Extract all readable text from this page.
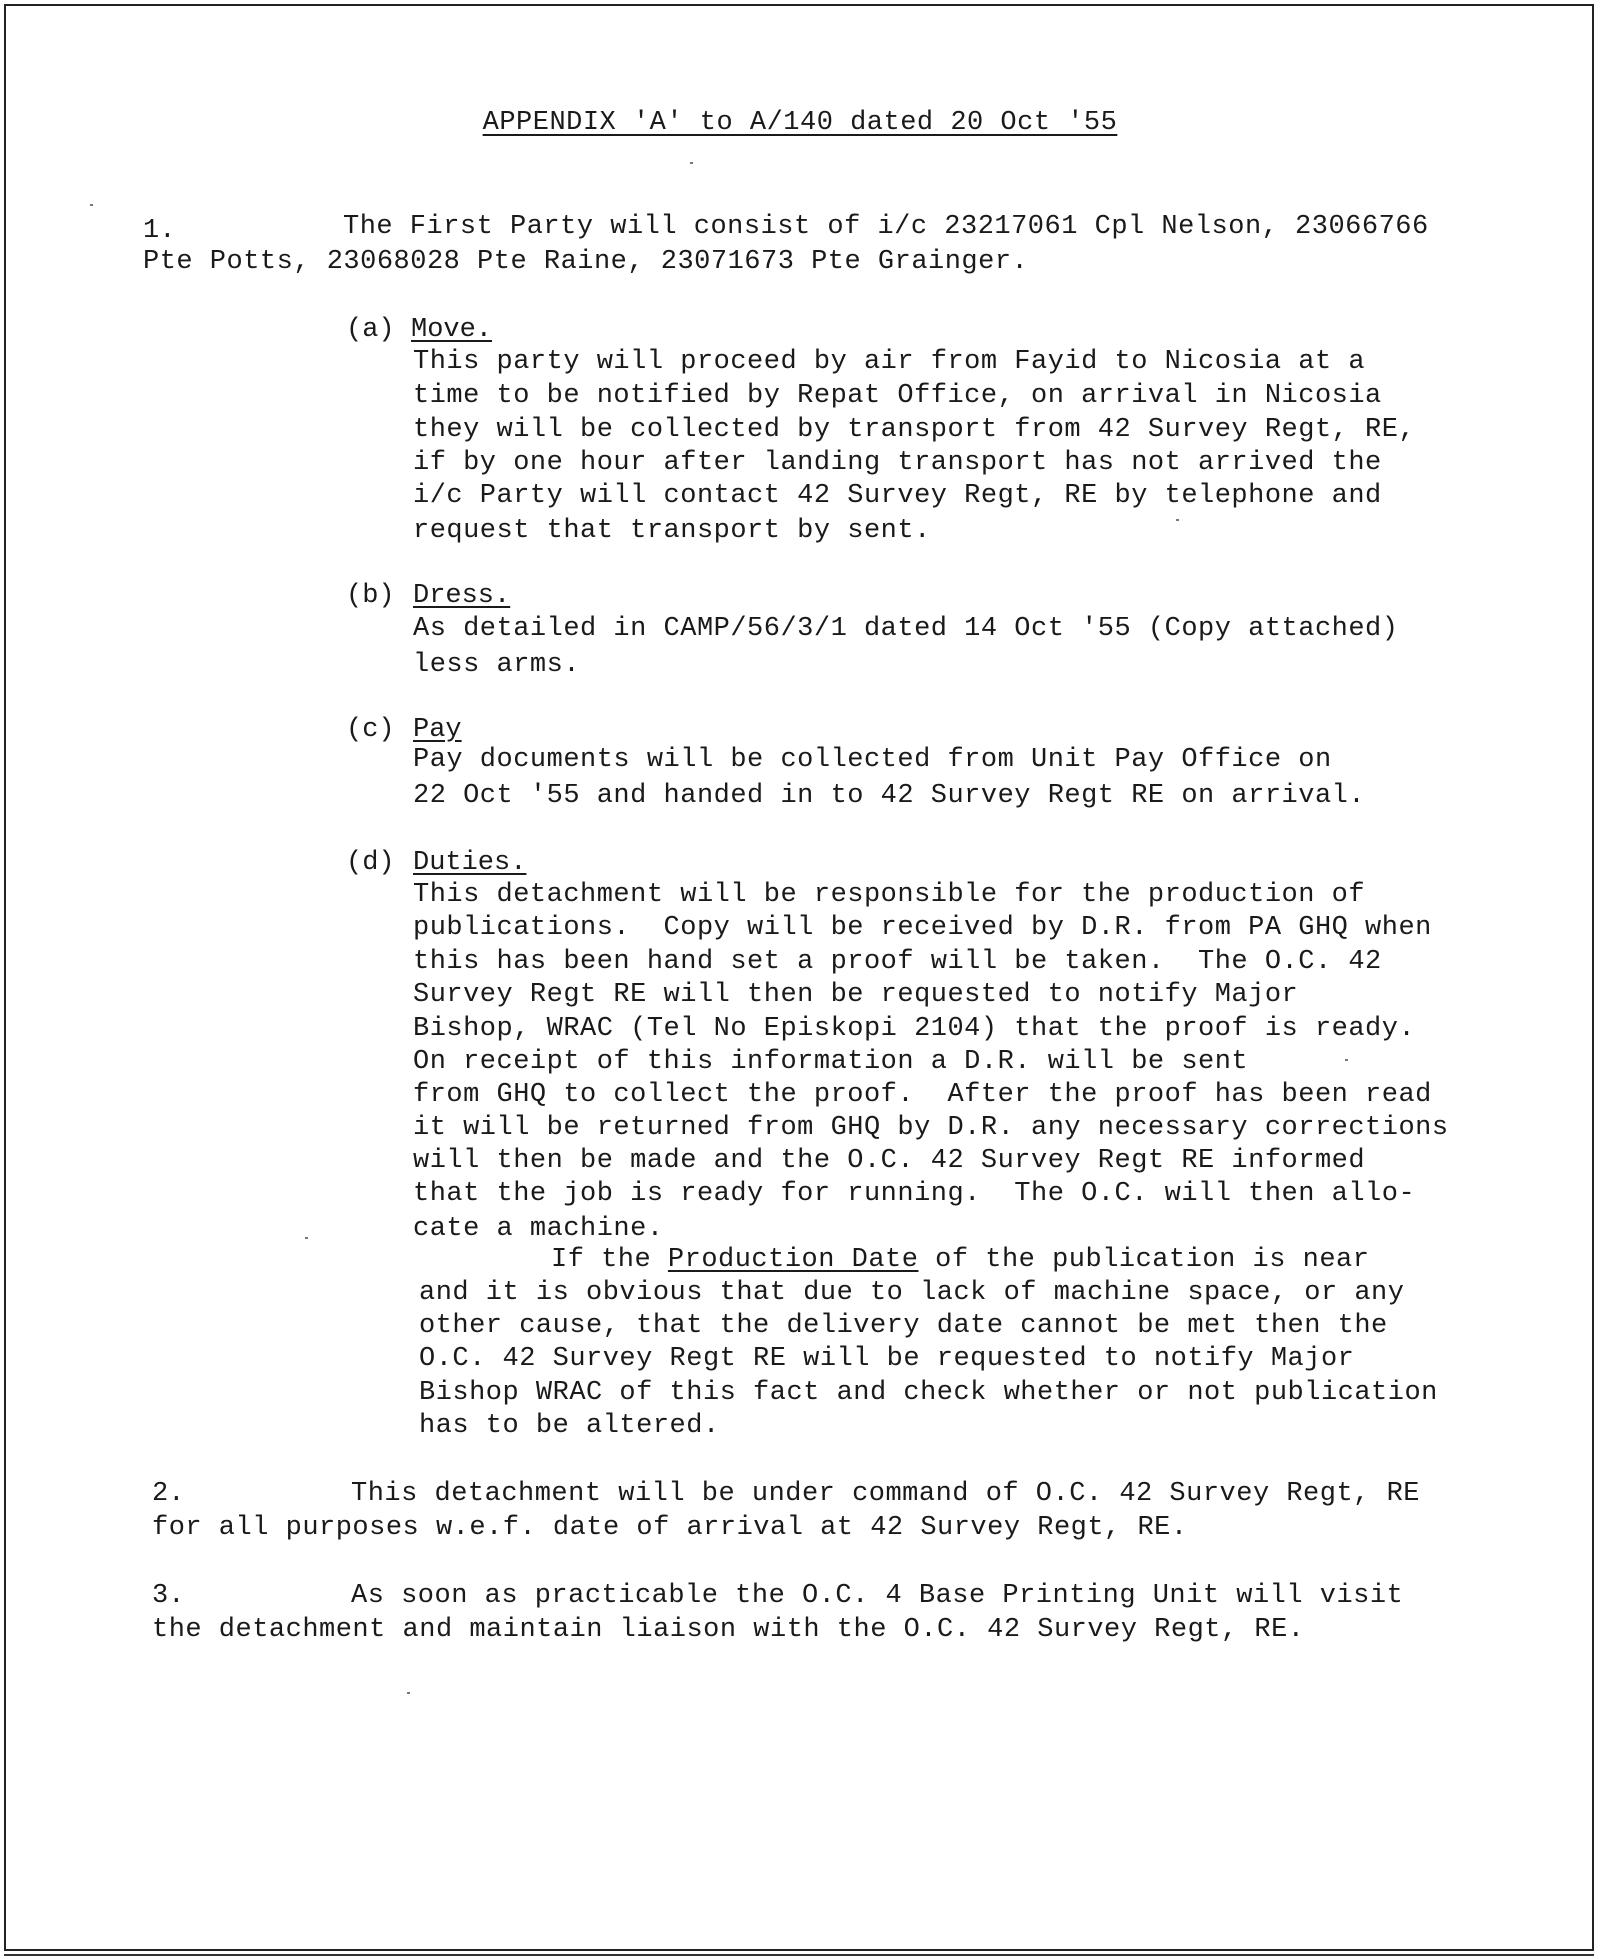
APPENDIX 'A' to A/140 dated 20 Oct '55
1.	The First Party will consist of i/c 23217061 Cpl Nelson, 23066766
Pte Potts, 23068028 Pte Raine, 23071673 Pte Grainger.
(a) Move.
This party will proceed by air from Fayid to Nicosia at a
time to be notified by Repat Office, on arrival in Nicosia
they will be collected by transport from 42 Survey Regt, RE,
if by one hour after landing transport has not arrived the
i/c Party will contact 42 Survey Regt, RE by telephone and
request that transport by sent.
(b) Dress.
As detailed in CAMP/56/3/1 dated 14 Oct '55 (Copy attached)
less arms.
(c) Pay
Pay documents will be collected from Unit Pay Office on
22 Oct '55 and handed in to 42 Survey Regt RE on arrival.
(d) Duties.
This detachment will be responsible for the production of
publications.  Copy will be received by D.R. from PA GHQ when
this has been hand set a proof will be taken.  The O.C. 42
Survey Regt RE will then be requested to notify Major
Bishop, WRAC (Tel No Episkopi 2104) that the proof is ready.
On receipt of this information a D.R. will be sent
from GHQ to collect the proof.  After the proof has been read
it will be returned from GHQ by D.R. any necessary corrections
will then be made and the O.C. 42 Survey Regt RE informed
that the job is ready for running.  The O.C. will then allo-
cate a machine.
If the Production Date of the publication is near
and it is obvious that due to lack of machine space, or any
other cause, that the delivery date cannot be met then the
O.C. 42 Survey Regt RE will be requested to notify Major
Bishop WRAC of this fact and check whether or not publication
has to be altered.
2.	This detachment will be under command of O.C. 42 Survey Regt, RE
for all purposes w.e.f. date of arrival at 42 Survey Regt, RE.
3.	As soon as practicable the O.C. 4 Base Printing Unit will visit
the detachment and maintain liaison with the O.C. 42 Survey Regt, RE.
